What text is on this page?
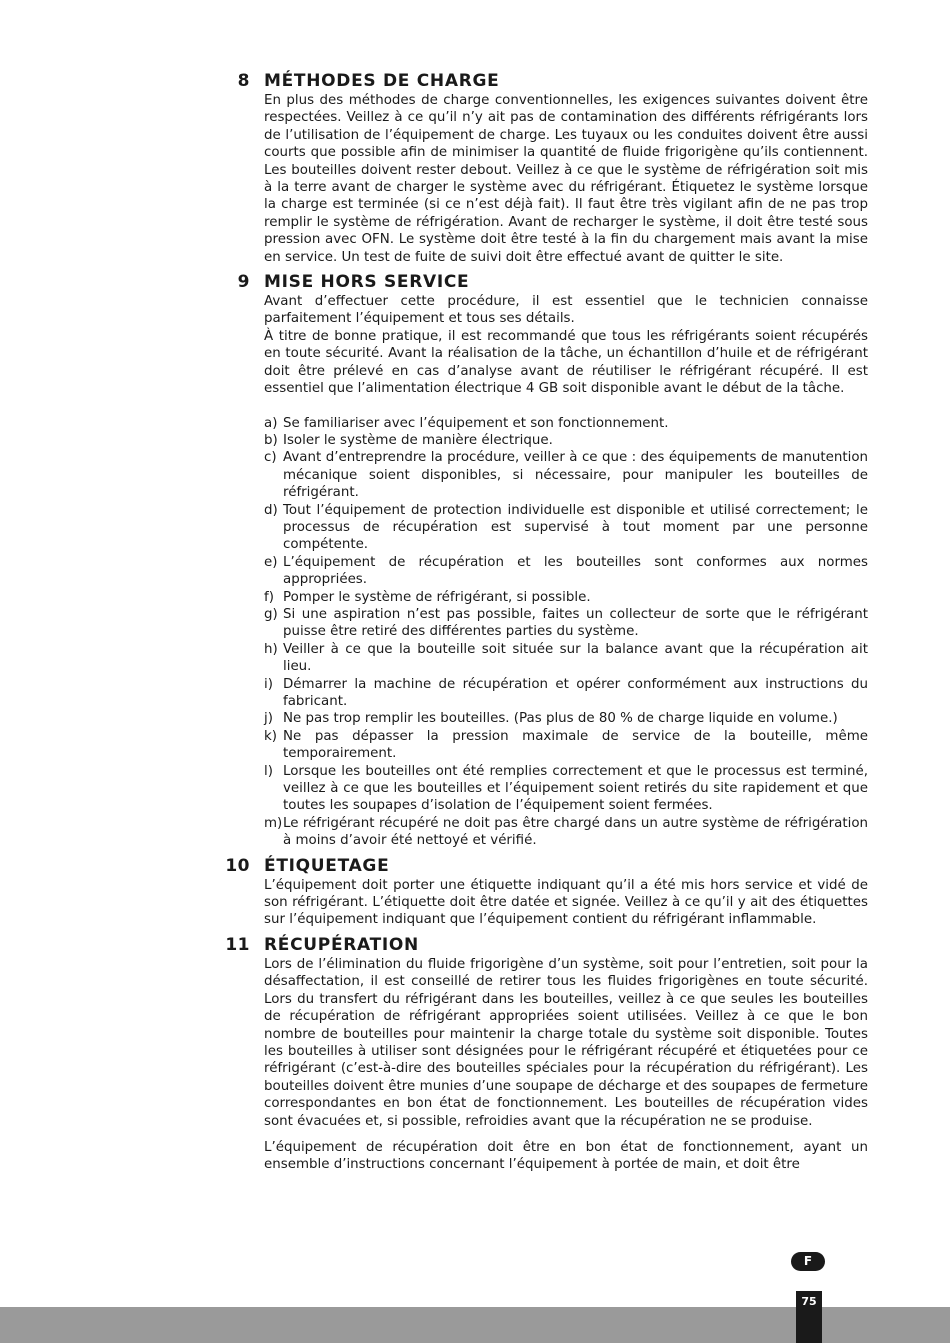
8 MÉTHODES DE CHARGE

En plus des méthodes de charge conventionnelles, les exigences suivantes doivent être respectées. Veillez à ce qu’il n’y ait pas de contamination des différents réfrigérants lors de l’utilisation de l’équipement de charge. Les tuyaux ou les conduites doivent être aussi courts que possible afin de minimiser la quantité de fluide frigorigène qu’ils contiennent. Les bouteilles doivent rester debout. Veillez à ce que le système de réfrigération soit mis à la terre avant de charger le système avec du réfrigérant. Étiquetez le système lorsque la charge est terminée (si ce n’est déjà fait). Il faut être très vigilant afin de ne pas trop remplir le système de réfrigération. Avant de recharger le système, il doit être testé sous pression avec OFN. Le système doit être testé à la fin du chargement mais avant la mise en service. Un test de fuite de suivi doit être effectué avant de quitter le site.

9 MISE HORS SERVICE

Avant d’effectuer cette procédure, il est essentiel que le technicien connaisse parfaitement l’équipement et tous ses détails.

À titre de bonne pratique, il est recommandé que tous les réfrigérants soient récupérés en toute sécurité. Avant la réalisation de la tâche, un échantillon d’huile et de réfrigérant doit être prélevé en cas d’analyse avant de réutiliser le réfrigérant récupéré. Il est essentiel que l’alimentation électrique 4 GB soit disponible avant le début de la tâche.

a) Se familiariser avec l’équipement et son fonctionnement.
b) Isoler le système de manière électrique.
c) Avant d’entreprendre la procédure, veiller à ce que : des équipements de manutention mécanique soient disponibles, si nécessaire, pour manipuler les bouteilles de réfrigérant.
d) Tout l’équipement de protection individuelle est disponible et utilisé correctement; le processus de récupération est supervisé à tout moment par une personne compétente.
e) L’équipement de récupération et les bouteilles sont conformes aux normes appropriées.
f) Pomper le système de réfrigérant, si possible.
g) Si une aspiration n’est pas possible, faites un collecteur de sorte que le réfrigérant puisse être retiré des différentes parties du système.
h) Veiller à ce que la bouteille soit située sur la balance avant que la récupération ait lieu.
i) Démarrer la machine de récupération et opérer conformément aux instructions du fabricant.
j) Ne pas trop remplir les bouteilles. (Pas plus de 80 % de charge liquide en volume.)
k) Ne pas dépasser la pression maximale de service de la bouteille, même temporairement.
l) Lorsque les bouteilles ont été remplies correctement et que le processus est terminé, veillez à ce que les bouteilles et l’équipement soient retirés du site rapidement et que toutes les soupapes d’isolation de l’équipement soient fermées.
m) Le réfrigérant récupéré ne doit pas être chargé dans un autre système de réfrigération à moins d’avoir été nettoyé et vérifié.
10 ÉTIQUETAGE

L’équipement doit porter une étiquette indiquant qu’il a été mis hors service et vidé de son réfrigérant. L’étiquette doit être datée et signée. Veillez à ce qu’il y ait des étiquettes sur l’équipement indiquant que l’équipement contient du réfrigérant inflammable.

11 RÉCUPÉRATION

Lors de l’élimination du fluide frigorigène d’un système, soit pour l’entretien, soit pour la désaffectation, il est conseillé de retirer tous les fluides frigorigènes en toute sécurité. Lors du transfert du réfrigérant dans les bouteilles, veillez à ce que seules les bouteilles de récupération de réfrigérant appropriées soient utilisées. Veillez à ce que le bon nombre de bouteilles pour maintenir la charge totale du système soit disponible. Toutes les bouteilles à utiliser sont désignées pour le réfrigérant récupéré et étiquetées pour ce réfrigérant (c’est-à-dire des bouteilles spéciales pour la récupération du réfrigérant). Les bouteilles doivent être munies d’une soupape de décharge et des soupapes de fermeture correspondantes en bon état de fonctionnement. Les bouteilles de récupération vides sont évacuées et, si possible, refroidies avant que la récupération ne se produise.

L’équipement de récupération doit être en bon état de fonctionnement, ayant un ensemble d’instructions concernant l’équipement à portée de main, et doit être

F
75
